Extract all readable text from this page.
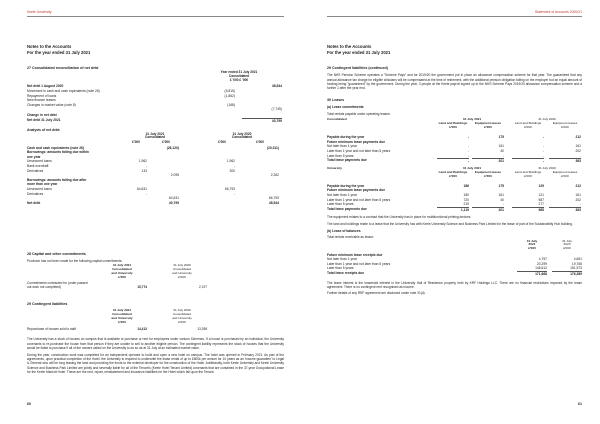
Keele University
Notes to the Accounts
For the year ended 31 July 2021
27 Consolidated reconciliation of net debt
Year ended 31 July 2021
Consolidated
£ '000 £ '000
Net debt 1 August 2020	48,544
Movement in cash and cash equivalents (note 26)	(5,815)
Repayment of loans	(1,862)
New finance leases
Changes in market value (note 8)	(168)
(7,745)
Change in net debt
Net debt 31 July 2021	40,799
Analysis of net debt:
31 July 2021
Consolidated
31 July 2020
Consolidated
£'000	£'000	£'000	£'000
Cash and cash equivalents (note 26)	(26,120)	(20,311)
Borrowings: amounts falling due within
one year
Unsecured loans	1,962	1,962
Bank overdraft	-	-
Derivatives	133	300
2,095	2,262
Borrowings: amounts falling due after
more than one year
Unsecured loans	64,631	66,793
Derivatives	-	-
64,631	66,793
Net debt	40,799	48,544
28 Capital and other commitments
Provision has not been made for the following capital commitments:
31 July 2021
Consolidated
and University
£'000
31 July 2020
Consolidated
and University
£'000
Commitments contracted for (order passed
out work not completed)	15,774	2,197
29 Contingent liabilities
31 July 2021
Consolidated
and University
£'000
31 July 2020
Consolidated
and University
£'000
Repurchase of houses sold to staff	14,413	13,398
The University has a stock of houses on campus that is available to purchase or rent for employees under various Schemes. If a house is purchased by an individual, the University covenants to re-purchase the house from that person if they are unable to sell to another eligible person. The contingent liability represents the stock of houses that the University would be liable to purchase if all of the owners called on the University to do so as at 31 July at an estimated market value.
During the year, construction work was completed for an independent operator to build and open a new hotel on campus. The hotel was opened in February 2021. As part of the agreements, upon practical completion of the Hotel, the University is required to underwrite the lease rental of up to £800k per annum for 10 years as an 'income guarantee' to Legal & General who will be long leasing the land and providing the funds to the external developer for the construction of the Hotel. Additionally, both Keele University and Keele University Science and Business Park Limited are jointly and severally liable for all of the Tenant's (Keele Hotel Tenant Limited) covenants that are contained in the 37-year Occupational Lease for the Keele Marriott Hotel. These are the rent, repair, reinstatement and insurance liabilities for the Hotel which fall upon the Tenant.
60
Statement of Accounts 2020/21
Notes to the Accounts
For the year ended 31 July 2021
29 Contingent liabilities (continued)
The NHS Pension Scheme operates a "Scheme Pays" and for 2019/20 the government put in place an allowance compensation scheme for that year. The guaranteed that any annual allowance tax charge for eligible clinicians will be compensated at the time of retirement, with the additional pension obligation falling on the employer but an equal amount of funding being "guaranteed" by the government. During the year, 3 people at the Keele payroll signed up to the NHS Scheme Pays 2019/20 allowance compensation scheme and a further 1 after the year end.
30 Leases
(a) Lease commitments
Total rentals payable under operating leases:
Consolidated	31 July 2021	31 July 2020
Land and Buildings £'000
Equipment leases £'000
Land and Buildings £'000
Equipment leases £'000
Payable during the year	-	175	-	212
Future minimum lease payments due
Not later than 1 year	-	161	-	161
Later than 1 year and not later than 5 years	-	40	-	202
Later than 5 years	-	-	-	-
Total lease payments due	-	201	-	363
University	31 July 2021	31 July 2020
Land and Buildings £'000
Equipment leases £'000
Land and Buildings £'000
Equipment leases £'000
Payable during the year	186	175	129	212
Future minimum lease payments due
Not later than 1 year	180	161	121	161
Later than 1 year and not later than 5 years	720	40	587	202
Later than 5 years	219	-	277	-
Total lease payments due	1,119	201	985	363
The equipment relates to a contract that the University has in place for multifunctional printing devices.
The land and buildings relate to a lease that the University has with Keele University Science and Business Park Limited for the lease of part of the Sustainability Hub building.
(b) Lease of balances
Total rentals receivable as lessor:
31 July
2021
£'000
31 July
2020
£'000
Future minimum lease receipts due
Not later than 1 year	4,757	4,651
Later than 1 year and not later than 5 years	20,299	19,765
Later than 5 years	146,612	151,973
Total lease receipts due	171,668	176,389
The lease interest is the leasehold interest in the University Hall of Residence property held by KRF Holdings LLC. There are no financial restrictions imposed by the lease agreement. There is no contingent rent recognised as income.
Further details of any RRF agreement are disclosed under note 31(d).
61
